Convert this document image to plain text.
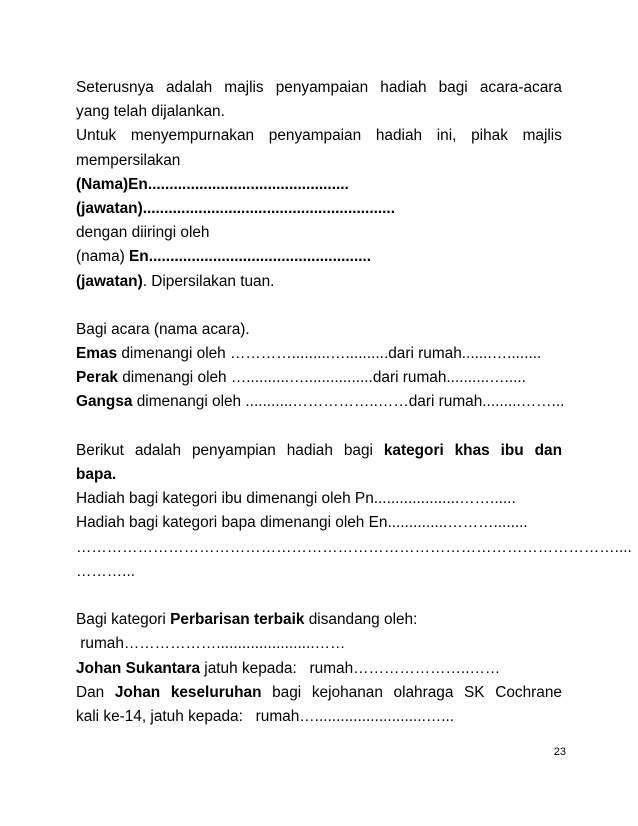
Seterusnya adalah majlis penyampaian hadiah bagi acara-acara
yang telah dijalankan.
Untuk menyempurnakan penyampaian hadiah ini, pihak majlis
mempersilakan
(Nama)En...............................................
(jawatan)...........................................................
dengan diiringi oleh
(nama) En....................................................
(jawatan). Dipersilakan tuan.
Bagi acara (nama acara).
Emas dimenangi oleh ………….........…..........dari rumah.......…........
Perak dimenangi oleh …..........…................dari rumah..........….....
Gangsa dimenangi oleh ...........……………..……dari rumah.........……...
Berikut adalah penyampian hadiah bagi kategori khas ibu dan
bapa.
Hadiah bagi kategori ibu dimenangi oleh Pn....................……......
Hadiah bagi kategori bapa dimenangi oleh En..............………........
……………………………………………………………………………………………....
………...
Bagi kategori Perbarisan terbaik disandang oleh:
rumah……………….......................……
Johan Sukantara jatuh kepada:   rumah…………………..……
Dan Johan keseluruhan bagi kejohanan olahraga SK Cochrane
kali ke-14, jatuh kepada:   rumah…..........................…...
23
